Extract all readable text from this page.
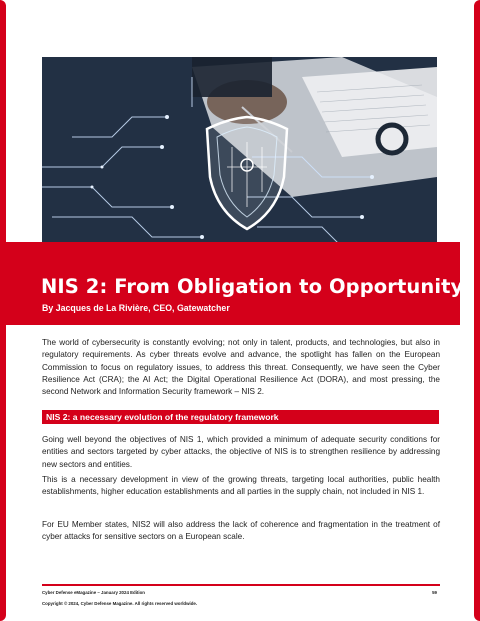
NIS 2: From Obligation to Opportunity
By Jacques de La Rivière, CEO, Gatewatcher

The world of cybersecurity is constantly evolving; not only in talent, products, and technologies, but also in regulatory requirements. As cyber threats evolve and advance, the spotlight has fallen on the European Commission to focus on regulatory issues, to address this threat. Consequently, we have seen the Cyber Resilience Act (CRA); the AI Act; the Digital Operational Resilience Act (DORA), and most pressing, the second Network and Information Security framework – NIS 2.

NIS 2: a necessary evolution of the regulatory framework

Going well beyond the objectives of NIS 1, which provided a minimum of adequate security conditions for entities and sectors targeted by cyber attacks, the objective of NIS is to strengthen resilience by addressing new sectors and entities.

This is a necessary development in view of the growing threats, targeting local authorities, public health establishments, higher education establishments and all parties in the supply chain, not included in NIS 1.

For EU Member states, NIS2 will also address the lack of coherence and fragmentation in the treatment of cyber attacks for sensitive sectors on a European scale.

Cyber Defense eMagazine – January 2024 Edition	59
Copyright © 2024, Cyber Defense Magazine. All rights reserved worldwide.
